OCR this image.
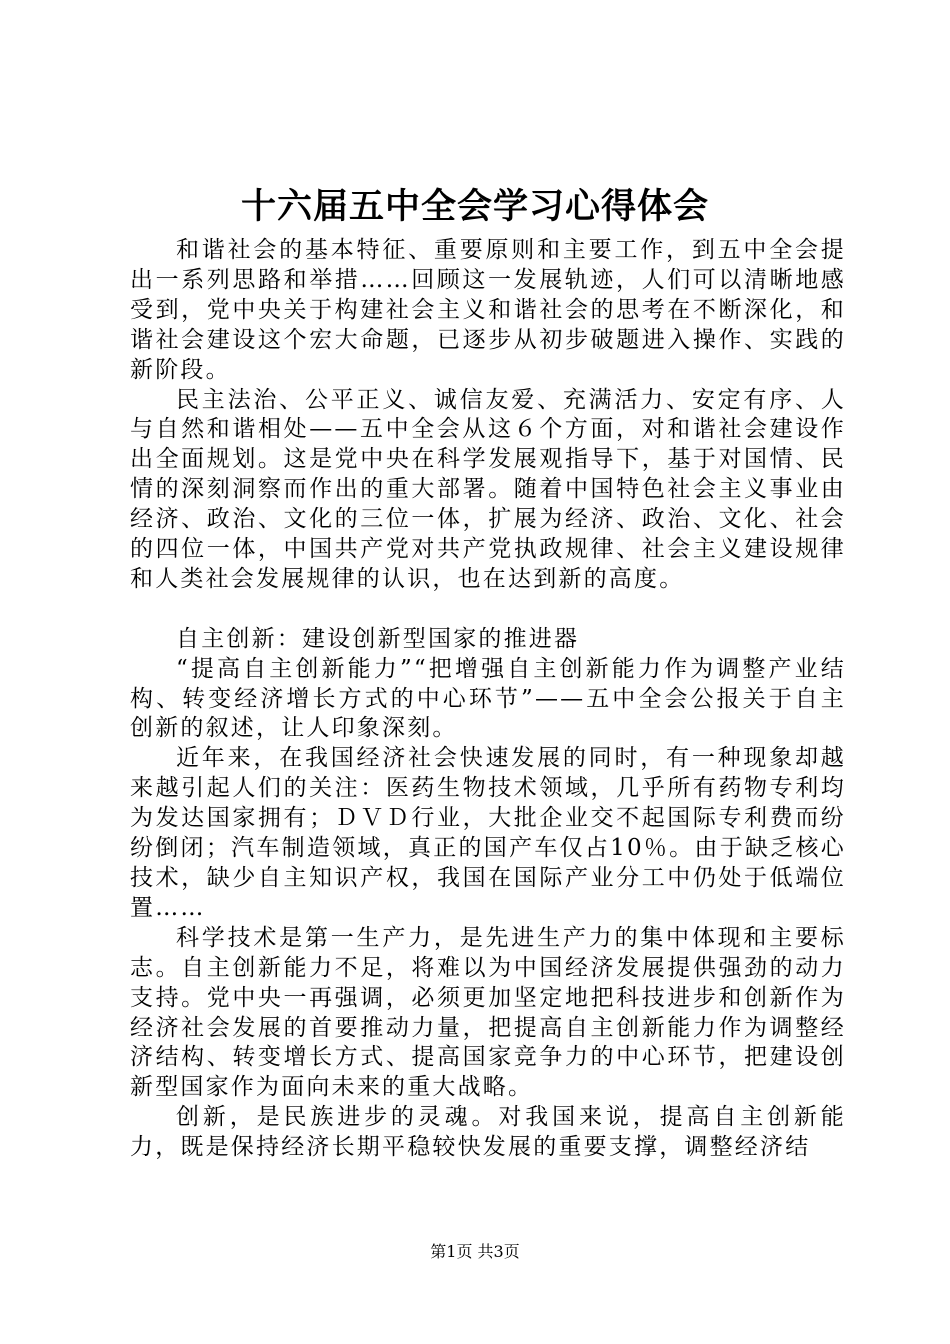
十六届五中全会学习心得体会

和谐社会的基本特征、重要原则和主要工作，到五中全会提出一系列思路和举措……回顾这一发展轨迹，人们可以清晰地感受到，党中央关于构建社会主义和谐社会的思考在不断深化，和谐社会建设这个宏大命题，已逐步从初步破题进入操作、实践的新阶段。

民主法治、公平正义、诚信友爱、充满活力、安定有序、人与自然和谐相处——五中全会从这６个方面，对和谐社会建设作出全面规划。这是党中央在科学发展观指导下，基于对国情、民情的深刻洞察而作出的重大部署。随着中国特色社会主义事业由经济、政治、文化的三位一体，扩展为经济、政治、文化、社会的四位一体，中国共产党对共产党执政规律、社会主义建设规律和人类社会发展规律的认识，也在达到新的高度。

自主创新：建设创新型国家的推进器

“提高自主创新能力”“把增强自主创新能力作为调整产业结构、转变经济增长方式的中心环节”——五中全会公报关于自主创新的叙述，让人印象深刻。

近年来，在我国经济社会快速发展的同时，有一种现象却越来越引起人们的关注：医药生物技术领域，几乎所有药物专利均为发达国家拥有；ＤＶＤ行业，大批企业交不起国际专利费而纷纷倒闭；汽车制造领域，真正的国产车仅占10％。由于缺乏核心技术，缺少自主知识产权，我国在国际产业分工中仍处于低端位置……

科学技术是第一生产力，是先进生产力的集中体现和主要标志。自主创新能力不足，将难以为中国经济发展提供强劲的动力支持。党中央一再强调，必须更加坚定地把科技进步和创新作为经济社会发展的首要推动力量，把提高自主创新能力作为调整经济结构、转变增长方式、提高国家竞争力的中心环节，把建设创新型国家作为面向未来的重大战略。

创新，是民族进步的灵魂。对我国来说，提高自主创新能力，既是保持经济长期平稳较快发展的重要支撑，调整经济结

第1页 共3页
